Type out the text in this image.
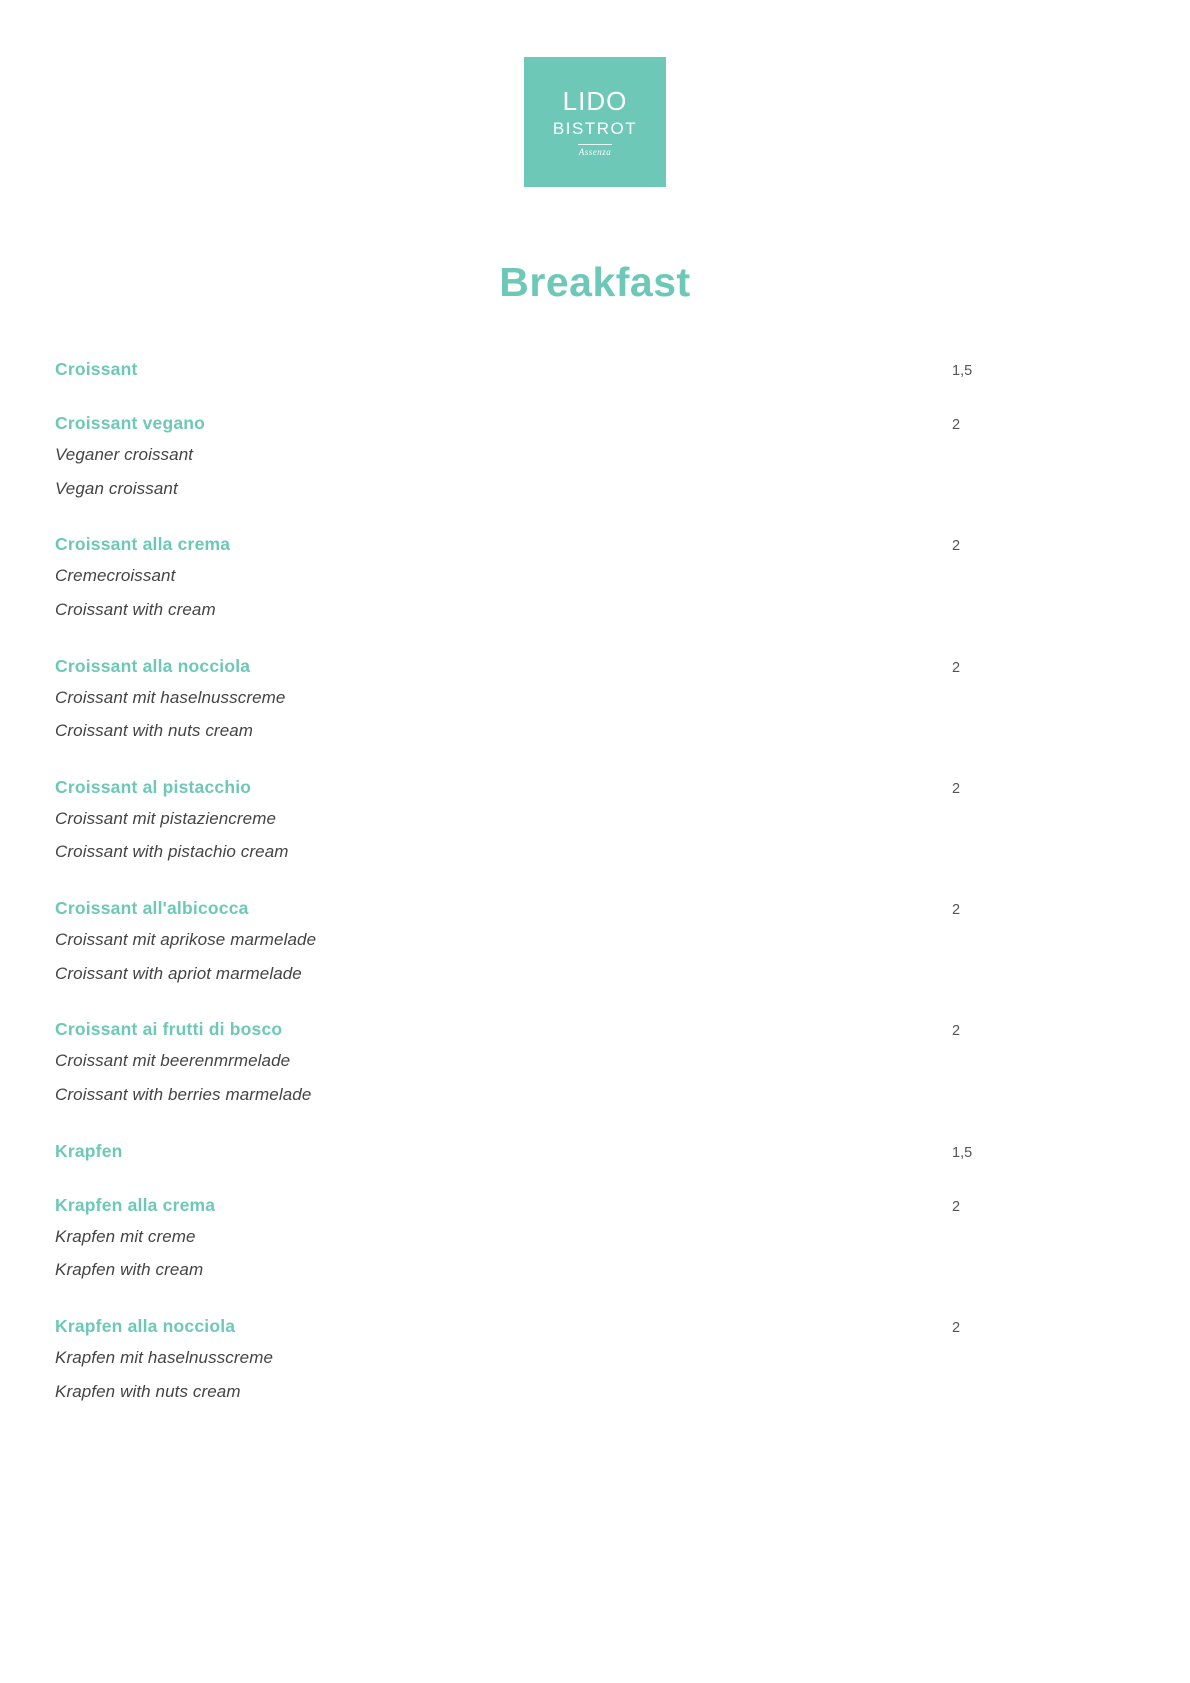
LIDO
BISTROT
Assenza
Breakfast
Croissant	1,5
Croissant vegano	2
Veganer croissant
Vegan croissant
Croissant alla crema	2
Cremecroissant
Croissant with cream
Croissant alla nocciola	2
Croissant mit haselnusscreme
Croissant with nuts cream
Croissant al pistacchio	2
Croissant mit pistaziencreme
Croissant with pistachio cream
Croissant all'albicocca	2
Croissant mit aprikose marmelade
Croissant with apriot marmelade
Croissant ai frutti di bosco	2
Croissant mit beerenmrmelade
Croissant with berries marmelade
Krapfen	1,5
Krapfen alla crema	2
Krapfen mit creme
Krapfen with cream
Krapfen alla nocciola	2
Krapfen mit haselnusscreme
Krapfen with nuts cream
